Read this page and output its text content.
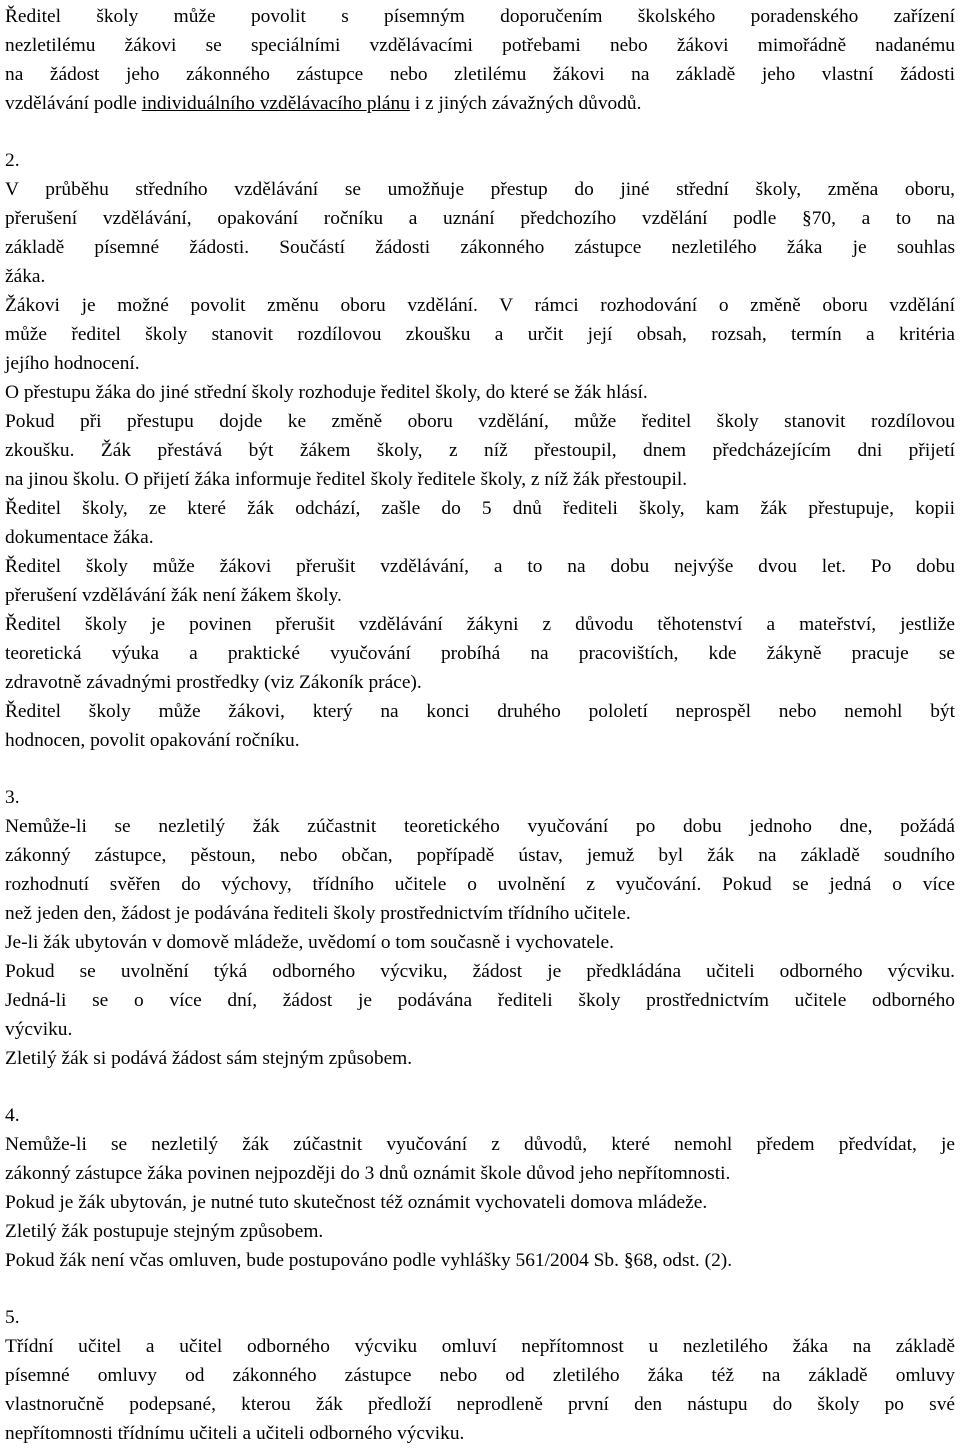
Ředitel školy může povolit s písemným doporučením školského poradenského zařízení
nezletilému žákovi se speciálními vzdělávacími potřebami nebo žákovi mimořádně nadanému
na žádost jeho zákonného zástupce nebo zletilému žákovi na základě jeho vlastní žádosti
vzdělávání podle individuálního vzdělávacího plánu i z jiných závažných důvodů.
2.
V průběhu středního vzdělávání se umožňuje přestup do jiné střední školy, změna oboru,
přerušení vzdělávání, opakování ročníku a uznání předchozího vzdělání podle §70, a to na
základě písemné žádosti. Součástí žádosti zákonného zástupce nezletilého žáka je souhlas
žáka.
Žákovi je možné povolit změnu oboru vzdělání. V rámci rozhodování o změně oboru vzdělání
může ředitel školy stanovit rozdílovou zkoušku a určit její obsah, rozsah, termín a kritéria
jejího hodnocení.
O přestupu žáka do jiné střední školy rozhoduje ředitel školy, do které se žák hlásí.
Pokud při přestupu dojde ke změně oboru vzdělání, může ředitel školy stanovit rozdílovou
zkoušku. Žák přestává být žákem školy, z níž přestoupil, dnem předcházejícím dni přijetí
na jinou školu. O přijetí žáka informuje ředitel školy ředitele školy, z níž žák přestoupil.
Ředitel školy, ze které žák odchází, zašle do 5 dnů řediteli školy, kam žák přestupuje, kopii
dokumentace žáka.
Ředitel školy může žákovi přerušit vzdělávání, a to na dobu nejvýše dvou let. Po dobu
přerušení vzdělávání žák není žákem školy.
Ředitel školy je povinen přerušit vzdělávání žákyni z důvodu těhotenství a mateřství, jestliže
teoretická výuka a praktické vyučování probíhá na pracovištích, kde žákyně pracuje se
zdravotně závadnými prostředky (viz Zákoník práce).
Ředitel školy může žákovi, který na konci druhého pololetí neprospěl nebo nemohl být
hodnocen, povolit opakování ročníku.
3.
Nemůže-li se nezletilý žák zúčastnit teoretického vyučování po dobu jednoho dne, požádá
zákonný zástupce, pěstoun, nebo občan, popřípadě ústav, jemuž byl žák na základě soudního
rozhodnutí svěřen do výchovy, třídního učitele o uvolnění z vyučování. Pokud se jedná o více
než jeden den, žádost je podávána řediteli školy prostřednictvím třídního učitele.
Je-li žák ubytován v domově mládeže, uvědomí o tom současně i vychovatele.
Pokud se uvolnění týká odborného výcviku, žádost je předkládána učiteli odborného výcviku.
Jedná-li se o více dní, žádost je podávána řediteli školy prostřednictvím učitele odborného
výcviku.
Zletilý žák si podává žádost sám stejným způsobem.
4.
Nemůže-li se nezletilý žák zúčastnit vyučování z důvodů, které nemohl předem předvídat, je
zákonný zástupce žáka povinen nejpozději do 3 dnů oznámit škole důvod jeho nepřítomnosti.
Pokud je žák ubytován, je nutné tuto skutečnost též oznámit vychovateli domova mládeže.
Zletilý žák postupuje stejným způsobem.
Pokud žák není včas omluven, bude postupováno podle vyhlášky 561/2004 Sb. §68, odst. (2).
5.
Třídní učitel a učitel odborného výcviku omluví nepřítomnost u nezletilého žáka na základě
písemné omluvy od zákonného zástupce nebo od zletilého žáka též na základě omluvy
vlastnoručně podepsané, kterou žák předloží neprodleně první den nástupu do školy po své
nepřítomnosti třídnímu učiteli a učiteli odborného výcviku.
